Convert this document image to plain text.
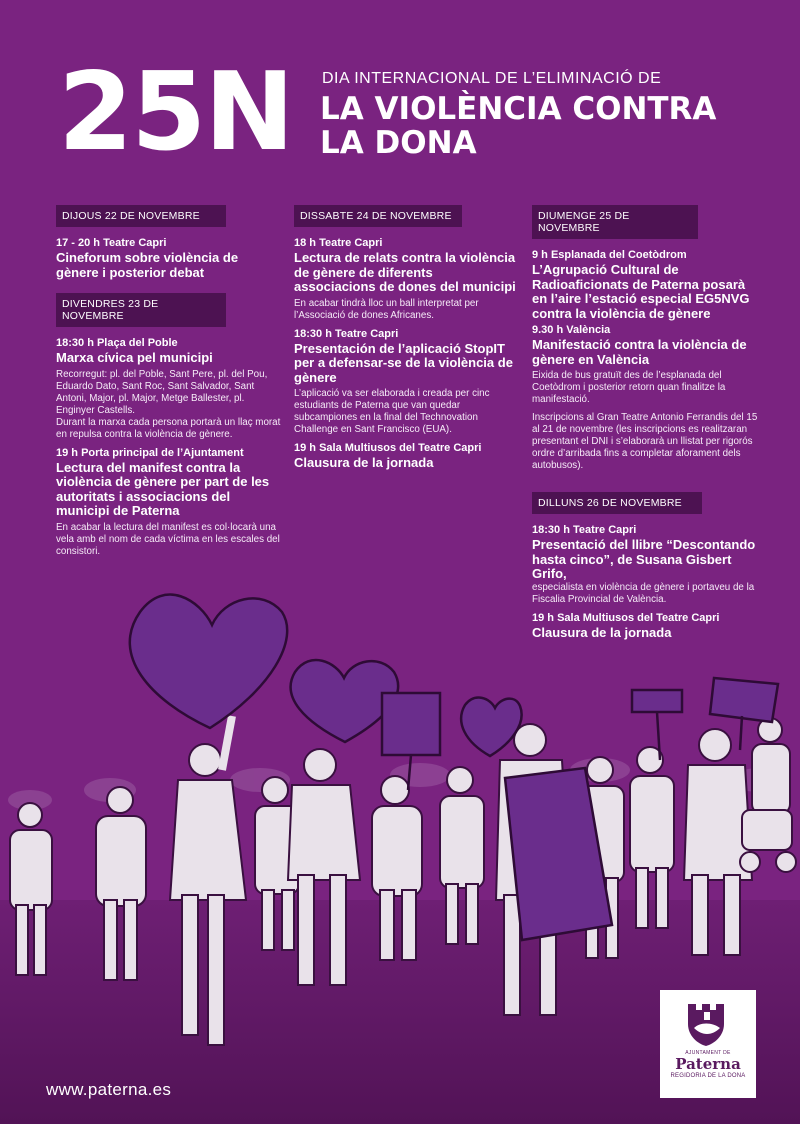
25N DIA INTERNACIONAL DE L’ELIMINACIÓ DE

LA VIOLÈNCIA CONTRA
LA DONA
DIJOUS 22 DE NOVEMBRE

17 - 20 h Teatre Capri

Cineforum sobre violència de gènere i posterior debat

DIVENDRES 23 DE NOVEMBRE

18:30 h Plaça del Poble

Marxa cívica pel municipi

Recorregut: pl. del Poble, Sant Pere, pl. del Pou, Eduardo Dato, Sant Roc, Sant Salvador, Sant Antoni, Major, pl. Major, Metge Ballester, pl. Enginyer Castells.

Durant la marxa cada persona portarà un llaç morat en repulsa contra la violència de gènere.

19 h Porta principal de l’Ajuntament

Lectura del manifest contra la violència de gènere per part de les autoritats i associacions del municipi de Paterna

En acabar la lectura del manifest es col·locarà una vela amb el nom de cada víctima en les escales del consistori.

DISSABTE 24 DE NOVEMBRE

18 h Teatre Capri

Lectura de relats contra la violència de gènere de diferents associacions de dones del municipi

En acabar tindrà lloc un ball interpretat per l’Associació de dones Africanes.

18:30 h Teatre Capri

Presentación de l’aplicació StopIT per a defensar-se de la violència de gènere

L’aplicació va ser elaborada i creada per cinc estudiants de Paterna que van quedar subcampiones en la final del Technovation Challenge en Sant Francisco (EUA).

19 h Sala Multiusos del Teatre Capri

Clausura de la jornada

DIUMENGE 25 DE NOVEMBRE

9 h Esplanada del Coetòdrom

L’Agrupació Cultural de Radioaficionats de Paterna posarà en l’aire l’estació especial EG5NVG contra la violència de gènere

9.30 h València

Manifestació contra la violència de gènere en València

Eixida de bus gratuït des de l’esplanada del Coetòdrom i posterior retorn quan finalitze la manifestació.

Inscripcions al Gran Teatre Antonio Ferrandis del 15 al 21 de novembre (les inscripcions es realitzaran presentant el DNI i s’elaborarà un llistat per rigorós ordre d’arribada fins a completar aforament dels autobusos).

DILLUNS 26 DE NOVEMBRE

18:30 h Teatre Capri

Presentació del llibre “Descontando hasta cinco”, de Susana Gisbert Grifo,

especialista en violència de gènere i portaveu de la Fiscalia Provincial de València.

19 h Sala Multiusos del Teatre Capri

Clausura de la jornada

www.paterna.es

AJUNTAMENT DE

Paterna

REGIDORIA DE LA DONA
